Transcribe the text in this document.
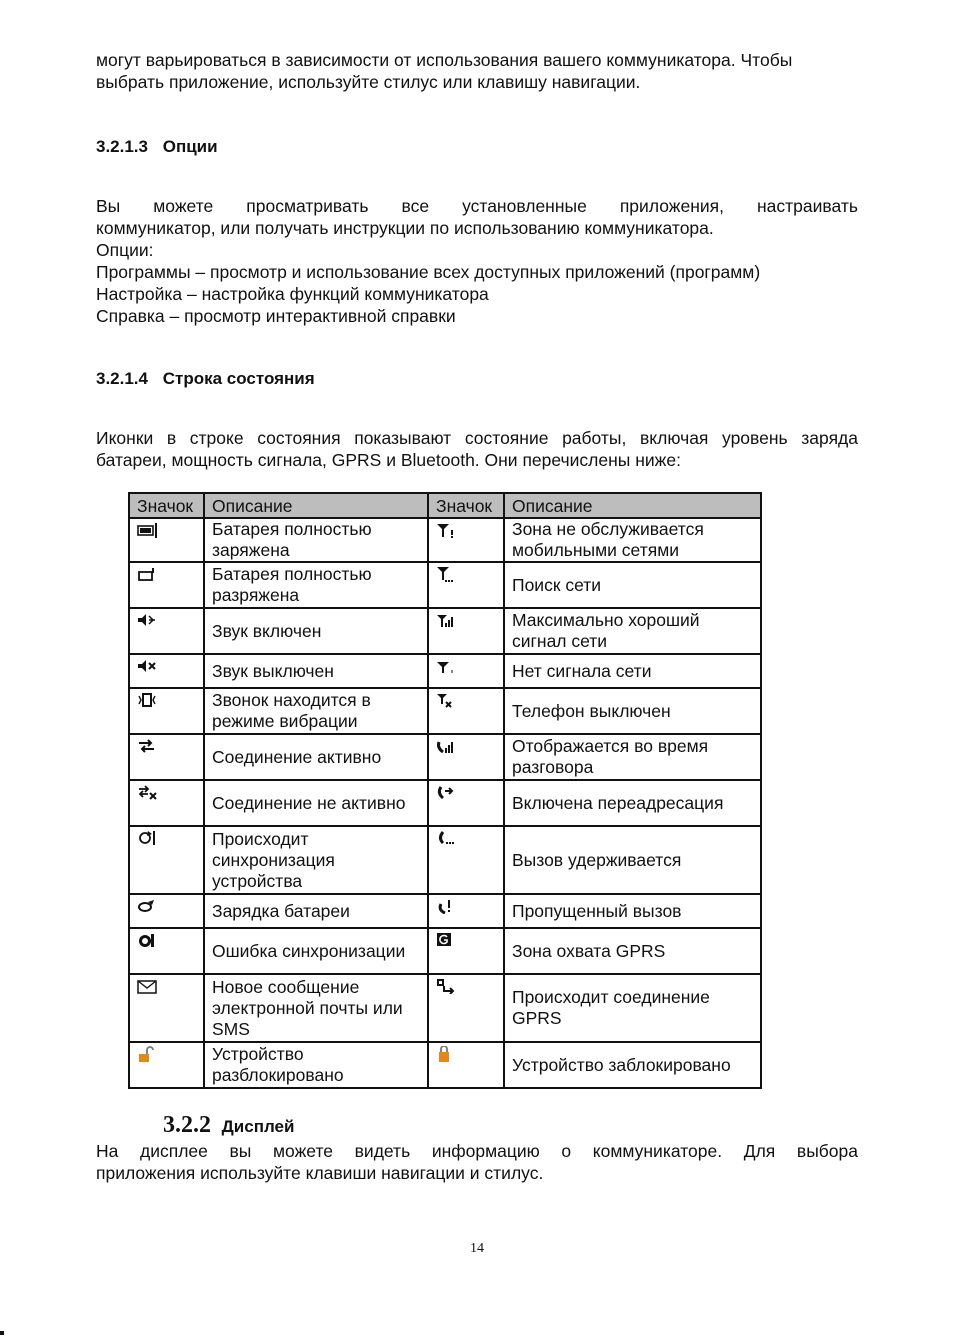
могут варьироваться в зависимости от использования вашего коммуникатора. Чтобы выбрать приложение, используйте стилус или клавишу навигации.

3.2.1.3 Опции

Вы можете просматривать все установленные приложения, настраивать

коммуникатор, или получать инструкции по использованию коммуникатора.

Опции:

Программы – просмотр и использование всех доступных приложений (программ)

Настройка – настройка функций коммуникатора

Справка – просмотр интерактивной справки

3.2.1.4 Строка состояния

Иконки в строке состояния показывают состояние работы, включая уровень заряда

батареи, мощность сигнала, GPRS и Bluetooth. Они перечислены ниже:

Значок	Описание	Значок	Описание

	Батарея полностью заряжена		Зона не обслуживается мобильными сетями

	Батарея полностью разряжена		Поиск сети

	Звук включен		Максимально хороший сигнал сети

	Звук выключен		Нет сигнала сети

	Звонок находится в режиме вибрации		Телефон выключен

	Соединение активно		Отображается во время разговора

	Соединение не активно		Включена переадресация

	Происходит синхронизация устройства		Вызов удерживается

	Зарядка батареи		Пропущенный вызов

	Ошибка синхронизации		Зона охвата GPRS

	Новое сообщение электронной почты или SMS		Происходит соединение GPRS

	Устройство разблокировано		Устройство заблокировано
3.2.2 Дисплей

На дисплее вы можете видеть информацию о коммуникаторе. Для выбора

приложения используйте клавиши навигации и стилус.

14
